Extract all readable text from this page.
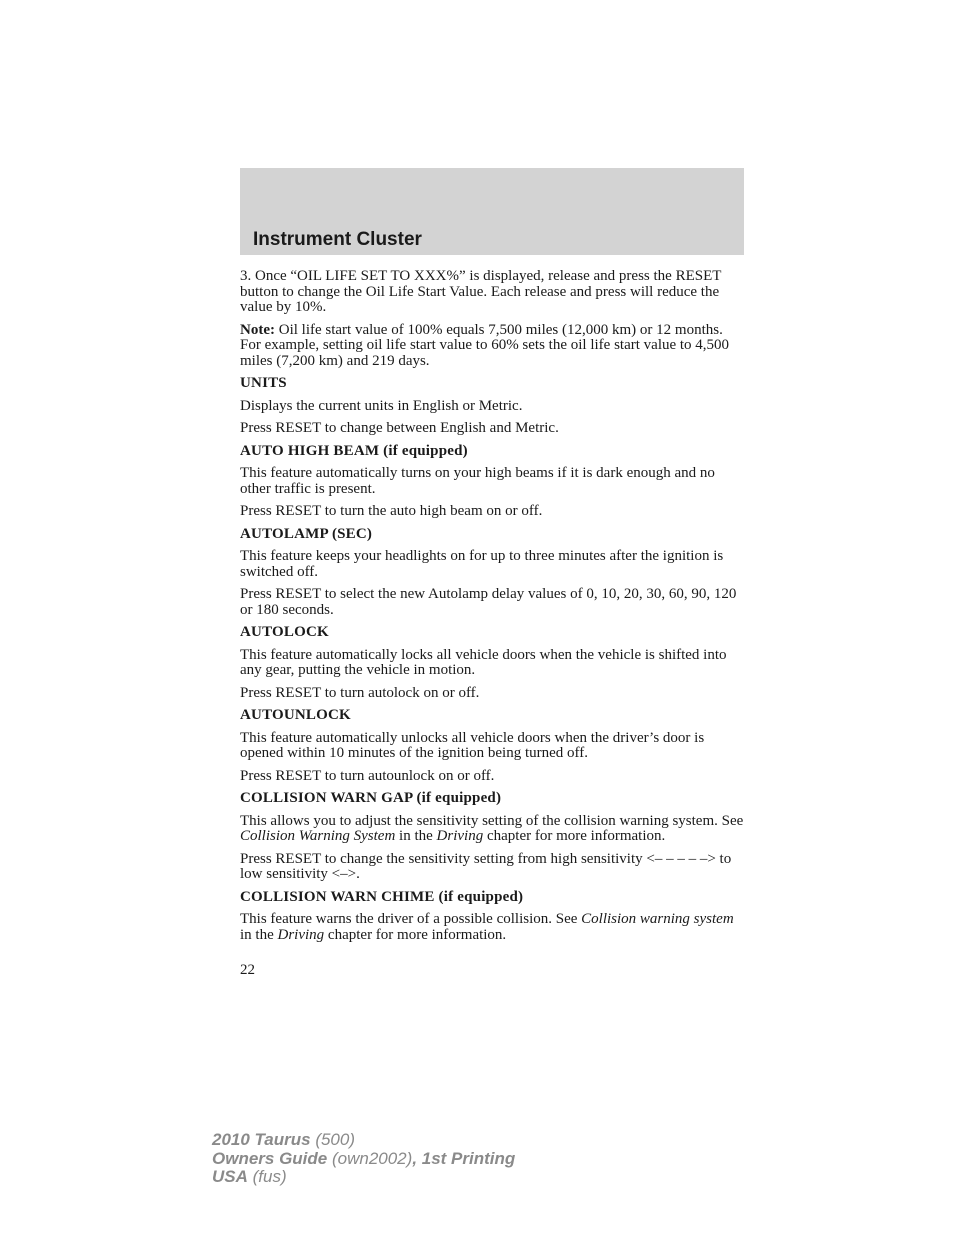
Instrument Cluster

3. Once “OIL LIFE SET TO XXX%” is displayed, release and press the RESET button to change the Oil Life Start Value. Each release and press will reduce the value by 10%.

Note: Oil life start value of 100% equals 7,500 miles (12,000 km) or 12 months. For example, setting oil life start value to 60% sets the oil life start value to 4,500 miles (7,200 km) and 219 days.

UNITS

Displays the current units in English or Metric.

Press RESET to change between English and Metric.

AUTO HIGH BEAM (if equipped)

This feature automatically turns on your high beams if it is dark enough and no other traffic is present.

Press RESET to turn the auto high beam on or off.

AUTOLAMP (SEC)

This feature keeps your headlights on for up to three minutes after the ignition is switched off.

Press RESET to select the new Autolamp delay values of 0, 10, 20, 30, 60, 90, 120 or 180 seconds.

AUTOLOCK

This feature automatically locks all vehicle doors when the vehicle is shifted into any gear, putting the vehicle in motion.

Press RESET to turn autolock on or off.

AUTOUNLOCK

This feature automatically unlocks all vehicle doors when the driver’s door is opened within 10 minutes of the ignition being turned off.

Press RESET to turn autounlock on or off.

COLLISION WARN GAP (if equipped)

This allows you to adjust the sensitivity setting of the collision warning system. See Collision Warning System in the Driving chapter for more information.

Press RESET to change the sensitivity setting from high sensitivity <– – – – –> to low sensitivity <–>.

COLLISION WARN CHIME (if equipped)

This feature warns the driver of a possible collision. See Collision warning system in the Driving chapter for more information.

22
2010 Taurus (500)
Owners Guide (own2002), 1st Printing
USA (fus)
